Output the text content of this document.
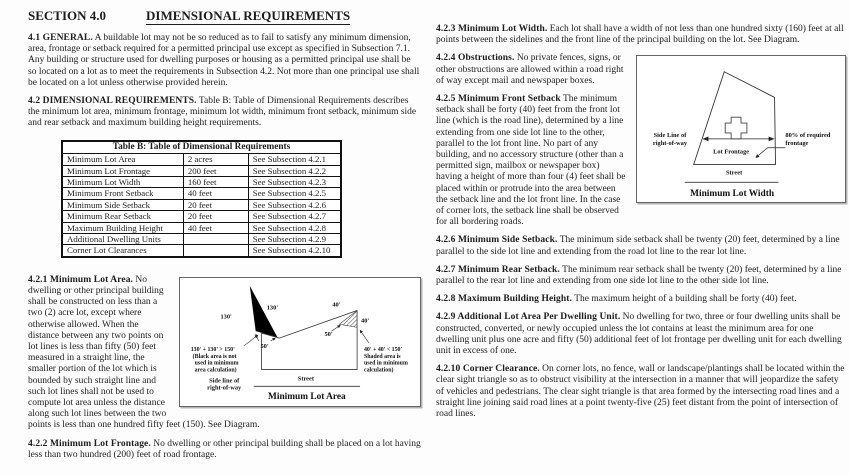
SECTION 4.0	DIMENSIONAL REQUIREMENTS

4.1 GENERAL. A buildable lot may not be so reduced as to fail to satisfy any minimum dimension, area, frontage or setback required for a permitted principal use except as specified in Subsection 7.1. Any building or structure used for dwelling purposes or housing as a permitted principal use shall be so located on a lot as to meet the requirements in Subsection 4.2. Not more than one principal use shall be located on a lot unless otherwise provided herein.

4.2 DIMENSIONAL REQUIREMENTS. Table B: Table of Dimensional Requirements describes the minimum lot area, minimum frontage, minimum lot width, minimum front setback, minimum side and rear setback and maximum building height requirements.

Table B: Table of Dimensional Requirements		
Minimum Lot Area	2 acres	See Subsection 4.2.1
Minimum Lot Frontage	200 feet	See Subsection 4.2.2
Minimum Lot Width	160 feet	See Subsection 4.2.3
Minimum Front Setback	40 feet	See Subsection 4.2.5
Minimum Side Setback	20 feet	See Subsection 4.2.6
Minimum Rear Setback	20 feet	See Subsection 4.2.7
Maximum Building Height	40 feet	See Subsection 4.2.8
Additional Dwelling Units		See Subsection 4.2.9
Corner Lot Clearances		See Subsection 4.2.10
130'
130'	40'
40'
50'
50'
130' + 130' > 150'
(Black area is not
used in minimum
area calculation)
40' + 40' < 150'
Shaded area is
used in minimum
calculation)
Side line of
right-of-way
Street
Minimum Lot Area

4.2.1 Minimum Lot Area. No dwelling or other principal building shall be constructed on less than a two (2) acre lot, except where otherwise allowed. When the distance between any two points on lot lines is less than fifty (50) feet measured in a straight line, the smaller portion of the lot which is bounded by such straight line and such lot lines shall not be used to compute lot area unless the distance along such lot lines between the two points is less than one hundred fifty feet (150). See Diagram.

4.2.2 Minimum Lot Frontage. No dwelling or other principal building shall be placed on a lot having less than two hundred (200) feet of road frontage.

4.2.3 Minimum Lot Width. Each lot shall have a width of not less than one hundred sixty (160) feet at all points between the sidelines and the front line of the principal building on the lot. See Diagram.

Side Line of
right-of-way
Lot Frontage
80% of required
frontage
Street
Minimum Lot Width

4.2.4 Obstructions. No private fences, signs, or other obstructions are allowed within a road right of way except mail and newspaper boxes.

4.2.5 Minimum Front Setback The minimum setback shall be forty (40) feet from the front lot line (which is the road line), determined by a line extending from one side lot line to the other, parallel to the lot front line. No part of any building, and no accessory structure (other than a permitted sign, mailbox or newspaper box) having a height of more than four (4) feet shall be placed within or protrude into the area between the setback line and the lot front line. In the case of corner lots, the setback line shall be observed for all bordering roads.

4.2.6 Minimum Side Setback. The minimum side setback shall be twenty (20) feet, determined by a line parallel to the side lot line and extending from the road lot line to the rear lot line.

4.2.7 Minimum Rear Setback. The minimum rear setback shall be twenty (20) feet, determined by a line parallel to the rear lot line and extending from one side lot line to the other side lot line.

4.2.8 Maximum Building Height. The maximum height of a building shall be forty (40) feet.

4.2.9 Additional Lot Area Per Dwelling Unit. No dwelling for two, three or four dwelling units shall be constructed, converted, or newly occupied unless the lot contains at least the minimum area for one dwelling unit plus one acre and fifty (50) additional feet of lot frontage per dwelling unit for each dwelling unit in excess of one.

4.2.10 Corner Clearance. On corner lots, no fence, wall or landscape/plantings shall be located within the clear sight triangle so as to obstruct visibility at the intersection in a manner that will jeopardize the safety of vehicles and pedestrians. The clear sight triangle is that area formed by the intersecting road lines and a straight line joining said road lines at a point twenty-five (25) feet distant from the point of intersection of road lines.
